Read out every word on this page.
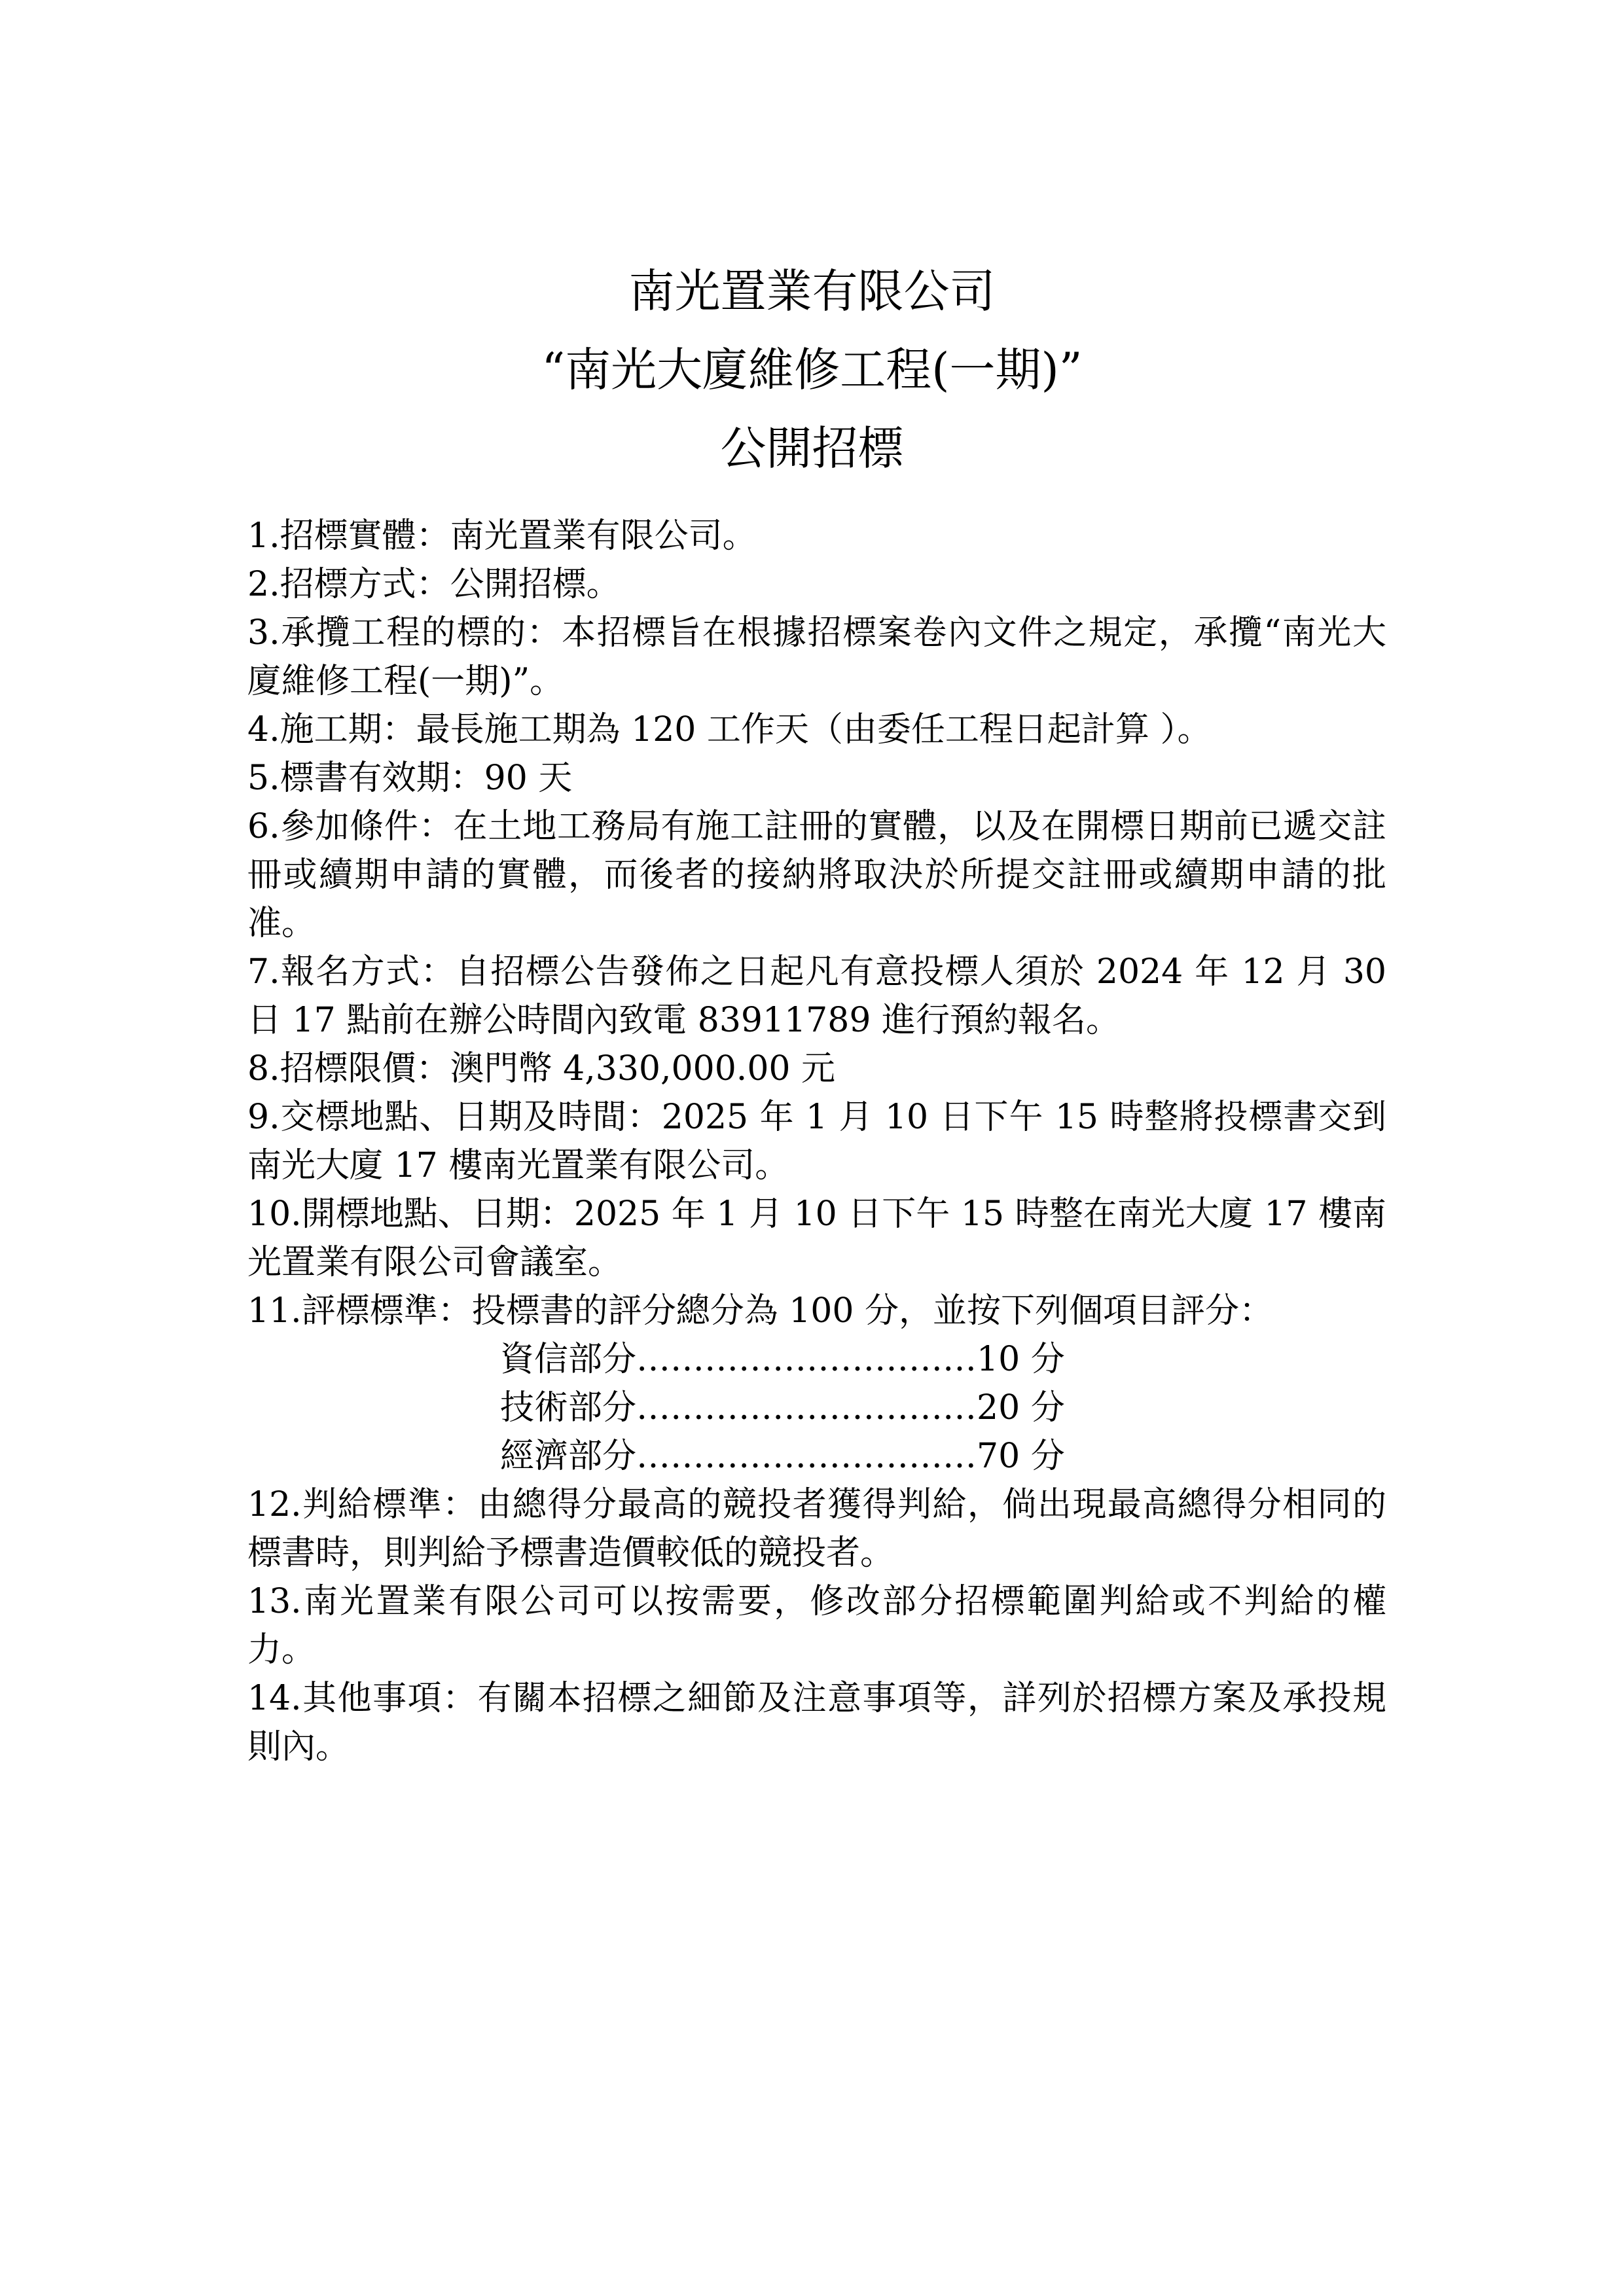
南光置業有限公司
“南光大廈維修工程(一期)”
公開招標

1.招標實體：南光置業有限公司。

2.招標方式：公開招標。

3.承攬工程的標的：本招標旨在根據招標案卷內文件之規定，承攬“南光大廈維修工程(一期)”。

4.施工期：最長施工期為 120 工作天（由委任工程日起計算 ）。

5.標書有效期：90 天

6.參加條件：在土地工務局有施工註冊的實體，以及在開標日期前已遞交註冊或續期申請的實體，而後者的接納將取決於所提交註冊或續期申請的批准。

7.報名方式：自招標公告發佈之日起凡有意投標人須於 2024 年 12 月 30 日 17 點前在辦公時間內致電 83911789 進行預約報名。

8.招標限價：澳門幣 4,330,000.00 元

9.交標地點、日期及時間：2025 年 1 月 10 日下午 15 時整將投標書交到南光大廈 17 樓南光置業有限公司。

10.開標地點、日期：2025 年 1 月 10 日下午 15 時整在南光大廈 17 樓南光置業有限公司會議室。

11.評標標準：投標書的評分總分為 100 分，並按下列個項目評分：

資信部分…………………………10 分
技術部分…………………………20 分
經濟部分…………………………70 分

12.判給標準：由總得分最高的競投者獲得判給，倘出現最高總得分相同的標書時，則判給予標書造價較低的競投者。

13.南光置業有限公司可以按需要，修改部分招標範圍判給或不判給的權力。

14.其他事項：有關本招標之細節及注意事項等，詳列於招標方案及承投規則內。
